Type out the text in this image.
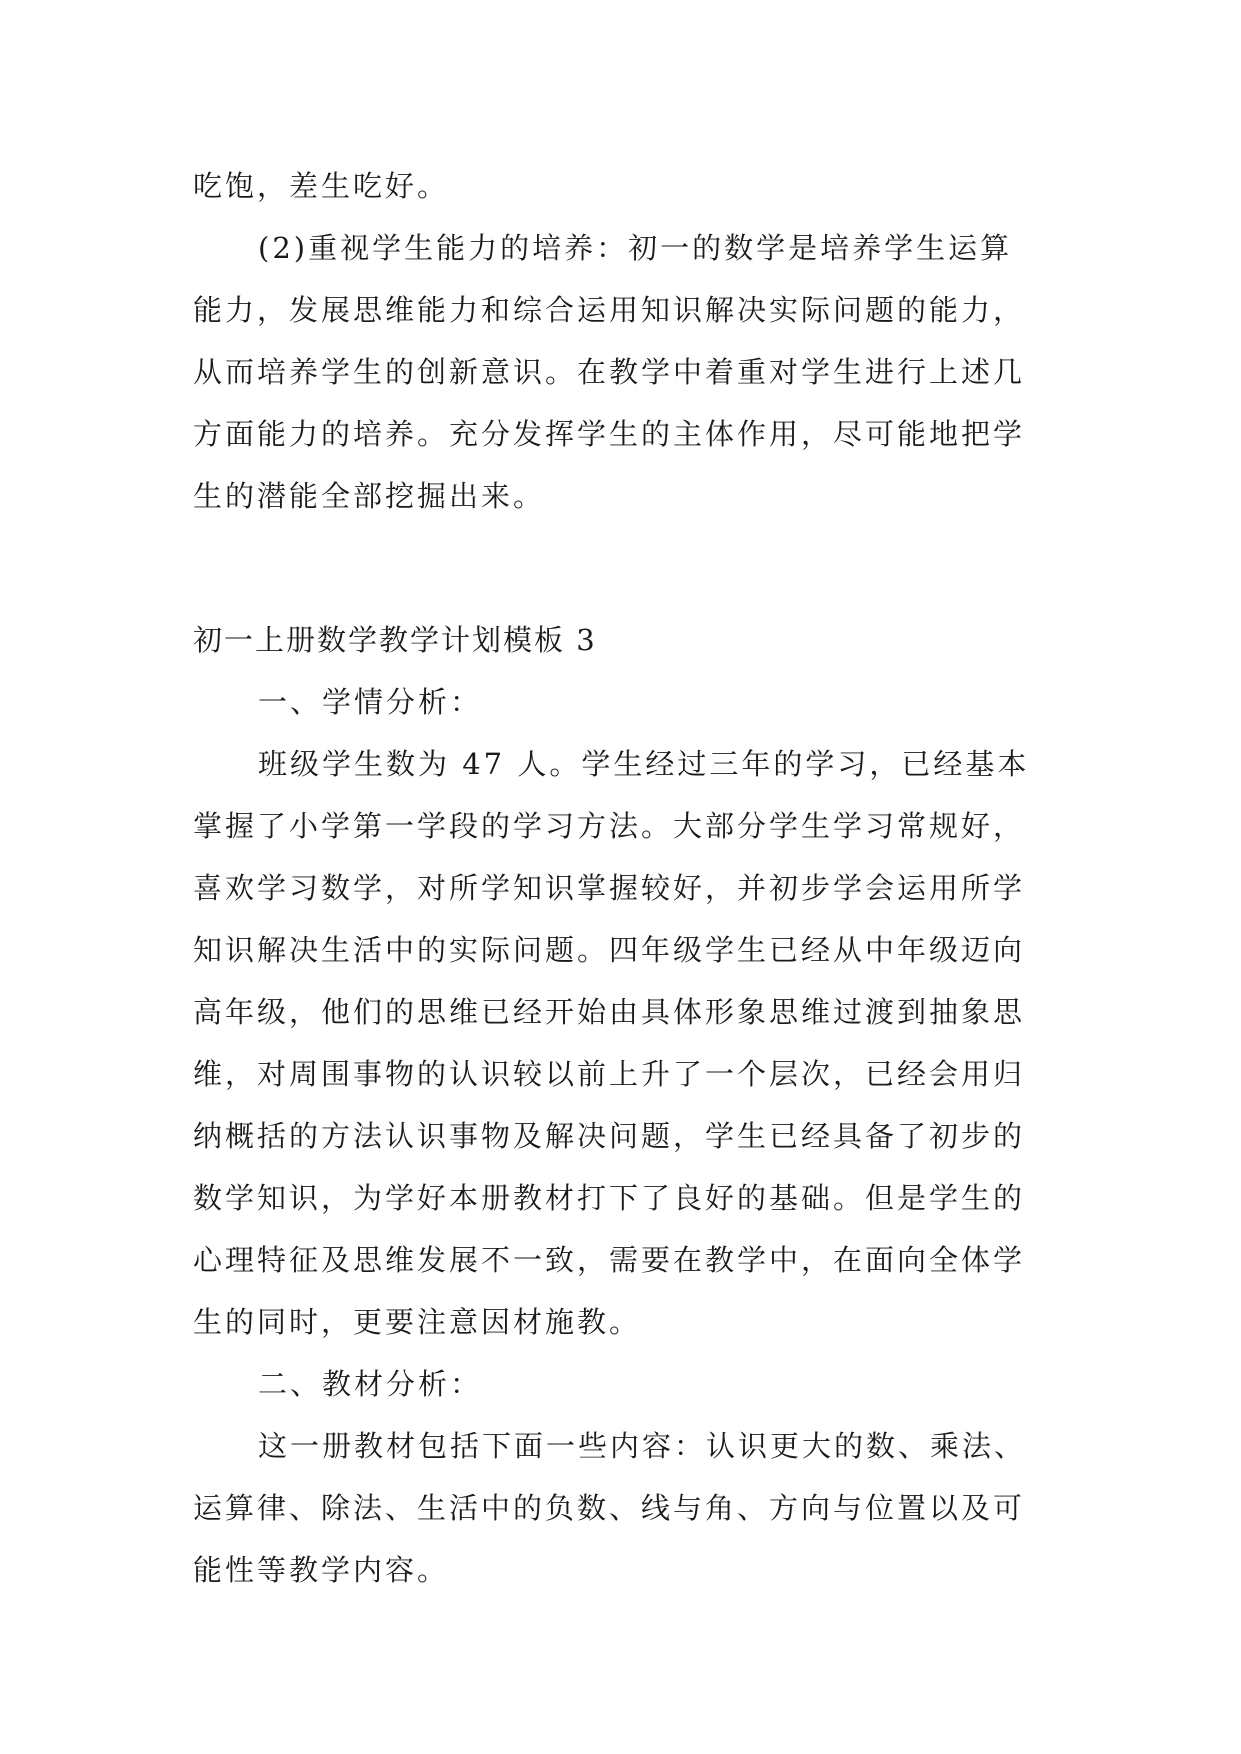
吃饱，差生吃好。
(2)重视学生能力的培养：初一的数学是培养学生运算
能力，发展思维能力和综合运用知识解决实际问题的能力，
从而培养学生的创新意识。在教学中着重对学生进行上述几
方面能力的培养。充分发挥学生的主体作用，尽可能地把学
生的潜能全部挖掘出来。
初一上册数学教学计划模板 3
一、学情分析：
班级学生数为 47 人。学生经过三年的学习，已经基本
掌握了小学第一学段的学习方法。大部分学生学习常规好，
喜欢学习数学，对所学知识掌握较好，并初步学会运用所学
知识解决生活中的实际问题。四年级学生已经从中年级迈向
高年级，他们的思维已经开始由具体形象思维过渡到抽象思
维，对周围事物的认识较以前上升了一个层次，已经会用归
纳概括的方法认识事物及解决问题，学生已经具备了初步的
数学知识，为学好本册教材打下了良好的基础。但是学生的
心理特征及思维发展不一致，需要在教学中，在面向全体学
生的同时，更要注意因材施教。
二、教材分析：
这一册教材包括下面一些内容：认识更大的数、乘法、
运算律、除法、生活中的负数、线与角、方向与位置以及可
能性等教学内容。
